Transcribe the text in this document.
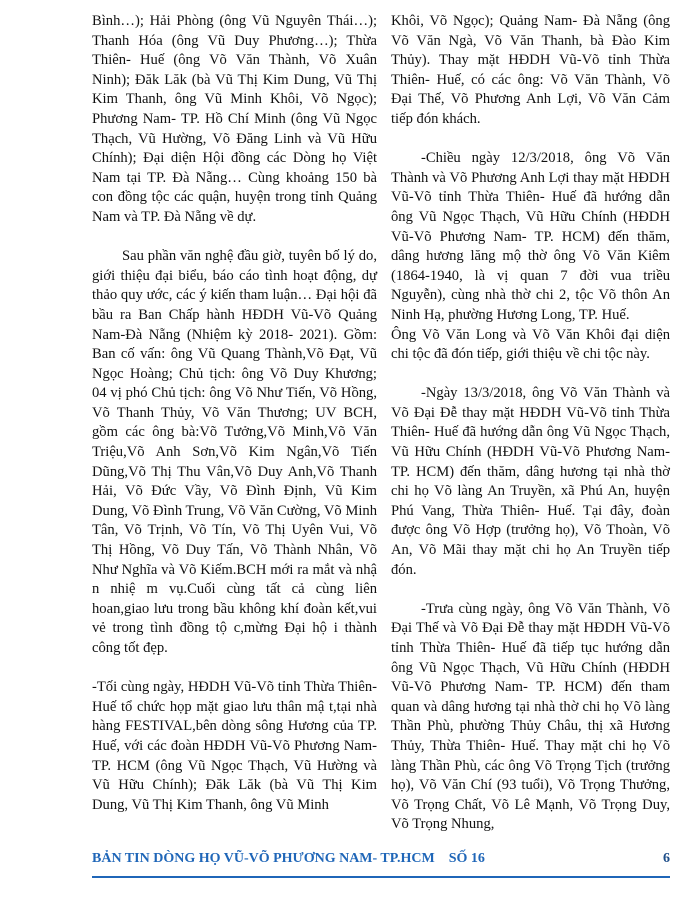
Bình…); Hải Phòng (ông Vũ Nguyên Thái…); Thanh Hóa (ông Vũ Duy Phương…); Thừa Thiên- Huế (ông Võ Văn Thành, Võ Xuân Ninh); Đăk Lăk (bà Vũ Thị Kim Dung, Vũ Thị Kim Thanh, ông Vũ Minh Khôi, Võ Ngọc); Phương Nam- TP. Hồ Chí Minh (ông Vũ Ngọc Thạch, Vũ Hường, Võ Đăng Linh và Vũ Hữu Chính); Đại diện Hội đồng các Dòng họ Việt Nam tại TP. Đà Nẵng… Cùng khoảng 150 bà con đồng tộc các quận, huyện trong tỉnh Quảng Nam và TP. Đà Nẵng về dự.

Sau phần văn nghệ đầu giờ, tuyên bố lý do, giới thiệu đại biểu, báo cáo tình hoạt động, dự thảo quy ước, các ý kiến tham luận… Đại hội đã bầu ra Ban Chấp hành HĐDH Vũ-Võ Quảng Nam-Đà Nẵng (Nhiệm kỳ 2018- 2021). Gồm: Ban cố vấn: ông Vũ Quang Thành,Võ Đạt, Vũ Ngọc Hoàng; Chủ tịch: ông Võ Duy Khương; 04 vị phó Chủ tịch: ông Võ Như Tiến, Võ Hồng, Võ Thanh Thủy, Võ Văn Thương; UV BCH, gồm các ông bà:Võ Tưởng,Võ Minh,Võ Văn Triệu,Võ Anh Sơn,Võ Kim Ngân,Võ Tiến Dũng,Võ Thị Thu Vân,Võ Duy Anh,Võ Thanh Hải, Võ Đức Vầy, Võ Đình Định, Vũ Kim Dung, Võ Đình Trung, Võ Văn Cường, Võ Minh Tân, Võ Trịnh, Võ Tín, Võ Thị Uyên Vui, Võ Thị Hồng, Võ Duy Tấn, Võ Thành Nhân, Võ Như Nghĩa và Võ Kiếm.BCH mới ra mắt và nhậ n nhiệ m vụ.Cuối cùng tất cả cùng liên hoan,giao lưu trong bầu không khí đoàn kết,vui vẻ trong tình đồng tộ c,mừng Đại hộ i thành công tốt đẹp.

-Tối cùng ngày, HĐDH Vũ-Võ tỉnh Thừa Thiên- Huế tổ chức họp mặt giao lưu thân mậ t,tại nhà hàng FESTIVAL,bên dòng sông Hương của TP. Huế, với các đoàn HĐDH Vũ-Võ Phương Nam- TP. HCM (ông Vũ Ngọc Thạch, Vũ Hường và Vũ Hữu Chính); Đăk Lăk (bà Vũ Thị Kim Dung, Vũ Thị Kim Thanh, ông Vũ Minh

Khôi, Võ Ngọc); Quảng Nam- Đà Nẵng (ông Võ Văn Ngà, Võ Văn Thanh, bà Đào Kim Thủy). Thay mặt HĐDH Vũ-Võ tỉnh Thừa Thiên- Huế, có các ông: Võ Văn Thành, Võ Đại Thế, Võ Phương Anh Lợi, Võ Văn Cảm tiếp đón khách.

-Chiều ngày 12/3/2018, ông Võ Văn Thành và Võ Phương Anh Lợi thay mặt HĐDH Vũ-Võ tỉnh Thừa Thiên- Huế đã hướng dẫn ông Vũ Ngọc Thạch, Vũ Hữu Chính (HĐDH Vũ-Võ Phương Nam- TP. HCM) đến thăm, dâng hương lăng mộ thờ ông Võ Văn Kiêm (1864-1940, là vị quan 7 đời vua triều Nguyễn), cùng nhà thờ chi 2, tộc Võ thôn An Ninh Hạ, phường Hương Long, TP. Huế.

Ông Võ Văn Long và Võ Văn Khôi đại diện chi tộc đã đón tiếp, giới thiệu về chi tộc này.

-Ngày 13/3/2018, ông Võ Văn Thành và Võ Đại Đễ thay mặt HĐDH Vũ-Võ tỉnh Thừa Thiên- Huế đã hướng dẫn ông Vũ Ngọc Thạch, Vũ Hữu Chính (HĐDH Vũ-Võ Phương Nam- TP. HCM) đến thăm, dâng hương tại nhà thờ chi họ Võ làng An Truyền, xã Phú An, huyện Phú Vang, Thừa Thiên- Huế. Tại đây, đoàn được ông Võ Hợp (trưởng họ), Võ Thoàn, Võ An, Võ Mãi thay mặt chi họ An Truyền tiếp đón.

-Trưa cùng ngày, ông Võ Văn Thành, Võ Đại Thế và Võ Đại Đễ thay mặt HĐDH Vũ-Võ tỉnh Thừa Thiên- Huế đã tiếp tục hướng dẫn ông Vũ Ngọc Thạch, Vũ Hữu Chính (HĐDH Vũ-Võ Phương Nam- TP. HCM) đến tham quan và dâng hương tại nhà thờ chi họ Võ làng Thần Phù, phường Thủy Châu, thị xã Hương Thủy, Thừa Thiên- Huế. Thay mặt chi họ Võ làng Thần Phù, các ông Võ Trọng Tịch (trưởng họ), Võ Văn Chí (93 tuổi), Võ Trọng Thưởng, Võ Trọng Chất, Võ Lê Mạnh, Võ Trọng Duy, Võ Trọng Nhung,

BẢN TIN DÒNG HỌ VŨ-VÕ PHƯƠNG NAM- TP.HCM    SỐ 16	6
